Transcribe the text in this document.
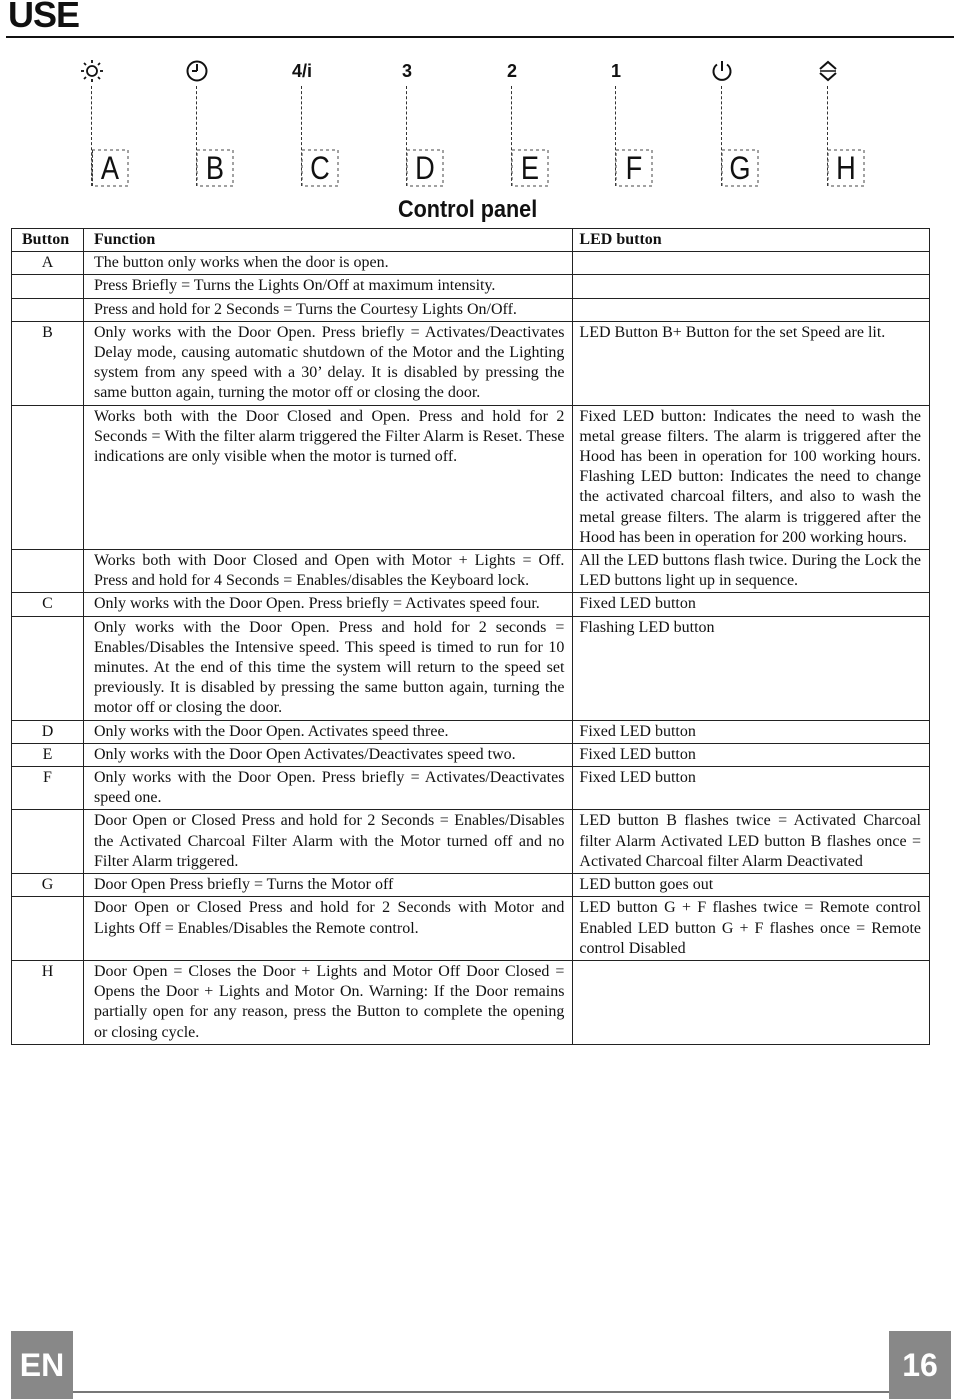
USE
A	B
4/i
C
3
D
2
E
1
F	G	H
Control panel
Button	Function	LED button
A	The button only works when the door is open.	
	Press Briefly = Turns the Lights On/Off at maximum intensity.	
	Press and hold for 2 Seconds = Turns the Courtesy Lights On/Off.	
B	Only works with the Door Open. Press briefly = Activates/Deactivates Delay mode, causing automatic shutdown of the Motor and the Lighting system from any speed with a 30’ delay. It is disabled by pressing the same button again, turning the motor off or closing the door.	LED Button B+ Button for the set Speed are lit.
	Works both with the Door Closed and Open. Press and hold for 2 Seconds = With the filter alarm triggered the Filter Alarm is Reset. These indications are only visible when the motor is turned off.	Fixed LED button: Indicates the need to wash the metal grease filters. The alarm is triggered after the Hood has been in operation for 100 working hours. Flashing LED button: Indicates the need to change the activated charcoal filters, and also to wash the metal grease filters. The alarm is triggered after the Hood has been in operation for 200 working hours.
	Works both with Door Closed and Open with Motor + Lights = Off. Press and hold for 4 Seconds = Enables/disables the Keyboard lock.	All the LED buttons flash twice. During the Lock the LED buttons light up in sequence.
C	Only works with the Door Open. Press briefly = Activates speed four.	Fixed LED button
	Only works with the Door Open. Press and hold for 2 seconds = Enables/Disables the Intensive speed. This speed is timed to run for 10 minutes. At the end of this time the system will return to the speed set previously. It is disabled by pressing the same button again, turning the motor off or closing the door.	Flashing LED button
D	Only works with the Door Open. Activates speed three.	Fixed LED button
E	Only works with the Door Open Activates/Deactivates speed two.	Fixed LED button
F	Only works with the Door Open. Press briefly = Activates/Deactivates speed one.	Fixed LED button
	Door Open or Closed Press and hold for 2 Seconds = Enables/Disables the Activated Charcoal Filter Alarm with the Motor turned off and no Filter Alarm triggered.	LED button B flashes twice = Activated Charcoal filter Alarm Activated LED button B flashes once = Activated Charcoal filter Alarm Deactivated
G	Door Open Press briefly = Turns the Motor off	LED button goes out
	Door Open or Closed Press and hold for 2 Seconds with Motor and Lights Off = Enables/Disables the Remote control.	LED button G + F flashes twice = Remote control Enabled LED button G + F flashes once = Remote control Disabled
H	Door Open = Closes the Door + Lights and Motor Off Door Closed = Opens the Door + Lights and Motor On. Warning: If the Door remains partially open for any reason, press the Button to complete the opening or closing cycle.	
EN	16
